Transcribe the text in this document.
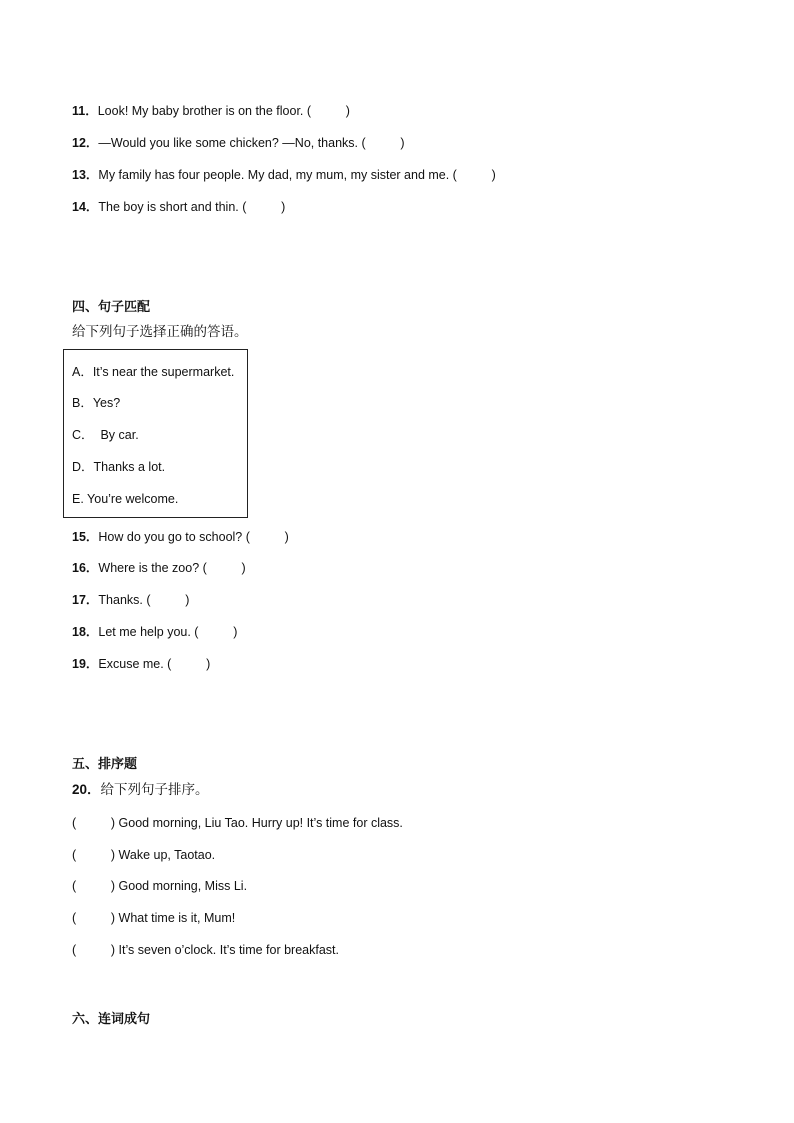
11．Look! My baby brother is on the floor. (          )
12．—Would you like some chicken? —No, thanks. (          )
13．My family has four people. My dad, my mum, my sister and me. (          )
14．The boy is short and thin. (          )
四、句子匹配
给下列句子选择正确的答语。
A．It’s near the supermarket.
B．Yes?
C．  By car.
D．Thanks a lot.
E. You’re welcome.
15．How do you go to school? (          )
16．Where is the zoo? (          )
17．Thanks. (          )
18．Let me help you. (          )
19．Excuse me. (          )
五、排序题
20．给下列句子排序。
(          ) Good morning, Liu Tao. Hurry up! It’s time for class.
(          ) Wake up, Taotao.
(          ) Good morning, Miss Li.
(          ) What time is it, Mum!
(          ) It’s seven o’clock. It’s time for breakfast.
六、连词成句
